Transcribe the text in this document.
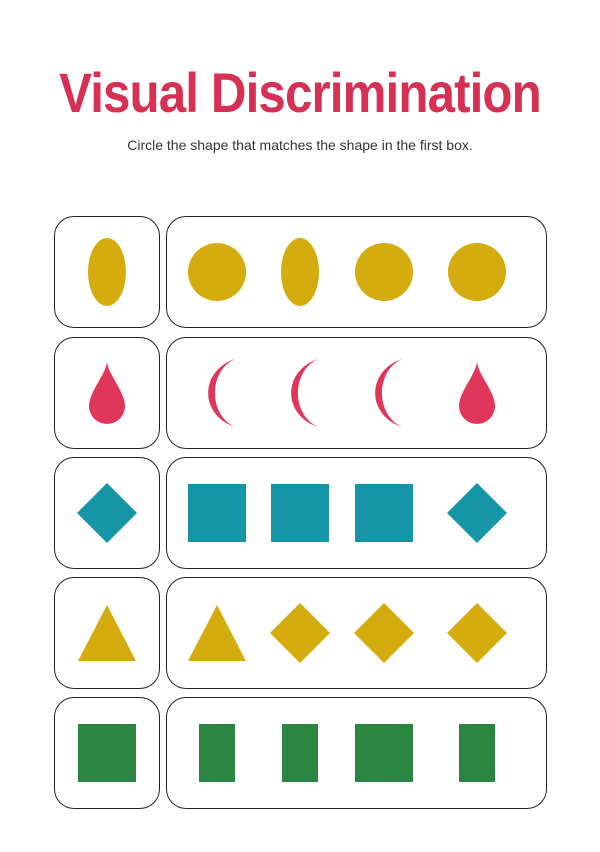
Visual Discrimination
Circle the shape that matches the shape in the first box.
